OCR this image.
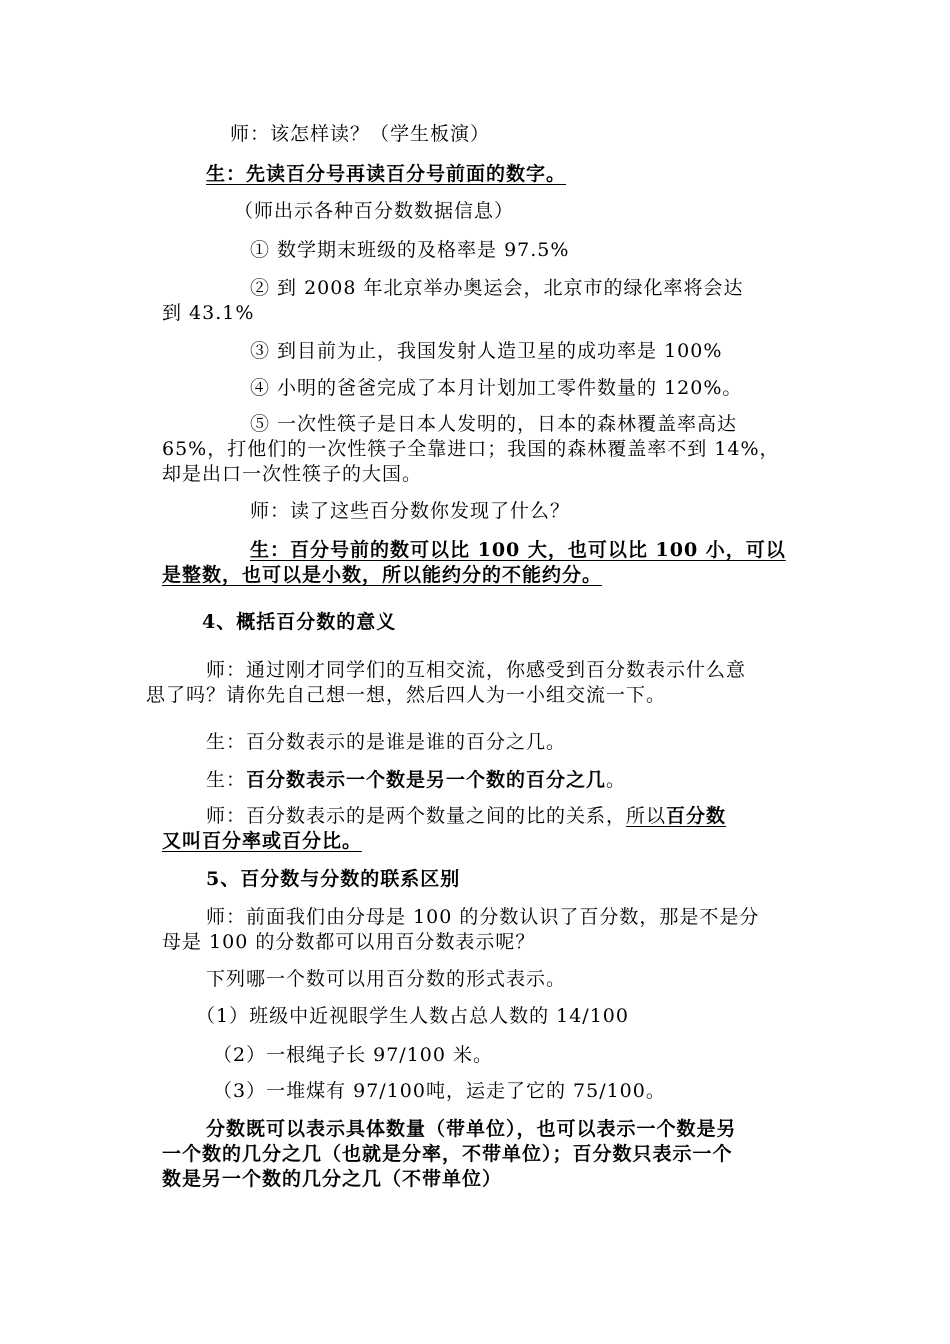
师：该怎样读？（学生板演）
生：先读百分号再读百分号前面的数字。
（师出示各种百分数数据信息）
① 数学期末班级的及格率是 97.5%
② 到 2008 年北京举办奥运会，北京市的绿化率将会达
到 43.1%
③ 到目前为止，我国发射人造卫星的成功率是 100%
④ 小明的爸爸完成了本月计划加工零件数量的 120%。
⑤ 一次性筷子是日本人发明的，日本的森林覆盖率高达
65%，打他们的一次性筷子全靠进口；我国的森林覆盖率不到 14%，
却是出口一次性筷子的大国。
师：读了这些百分数你发现了什么？
生：百分号前的数可以比 100 大，也可以比 100 小，可以
是整数，也可以是小数，所以能约分的不能约分。
4、概括百分数的意义
师：通过刚才同学们的互相交流，你感受到百分数表示什么意
思了吗？请你先自己想一想，然后四人为一小组交流一下。
生：百分数表示的是谁是谁的百分之几。
生：百分数表示一个数是另一个数的百分之几。
师：百分数表示的是两个数量之间的比的关系，所以百分数
又叫百分率或百分比。
5、百分数与分数的联系区别
师：前面我们由分母是 100 的分数认识了百分数，那是不是分
母是 100 的分数都可以用百分数表示呢？
下列哪一个数可以用百分数的形式表示。
（1）班级中近视眼学生人数占总人数的 14/100
（2）一根绳子长 97/100 米。
（3）一堆煤有 97/100吨，运走了它的 75/100。
分数既可以表示具体数量（带单位），也可以表示一个数是另
一个数的几分之几（也就是分率，不带单位）；百分数只表示一个
数是另一个数的几分之几（不带单位）
